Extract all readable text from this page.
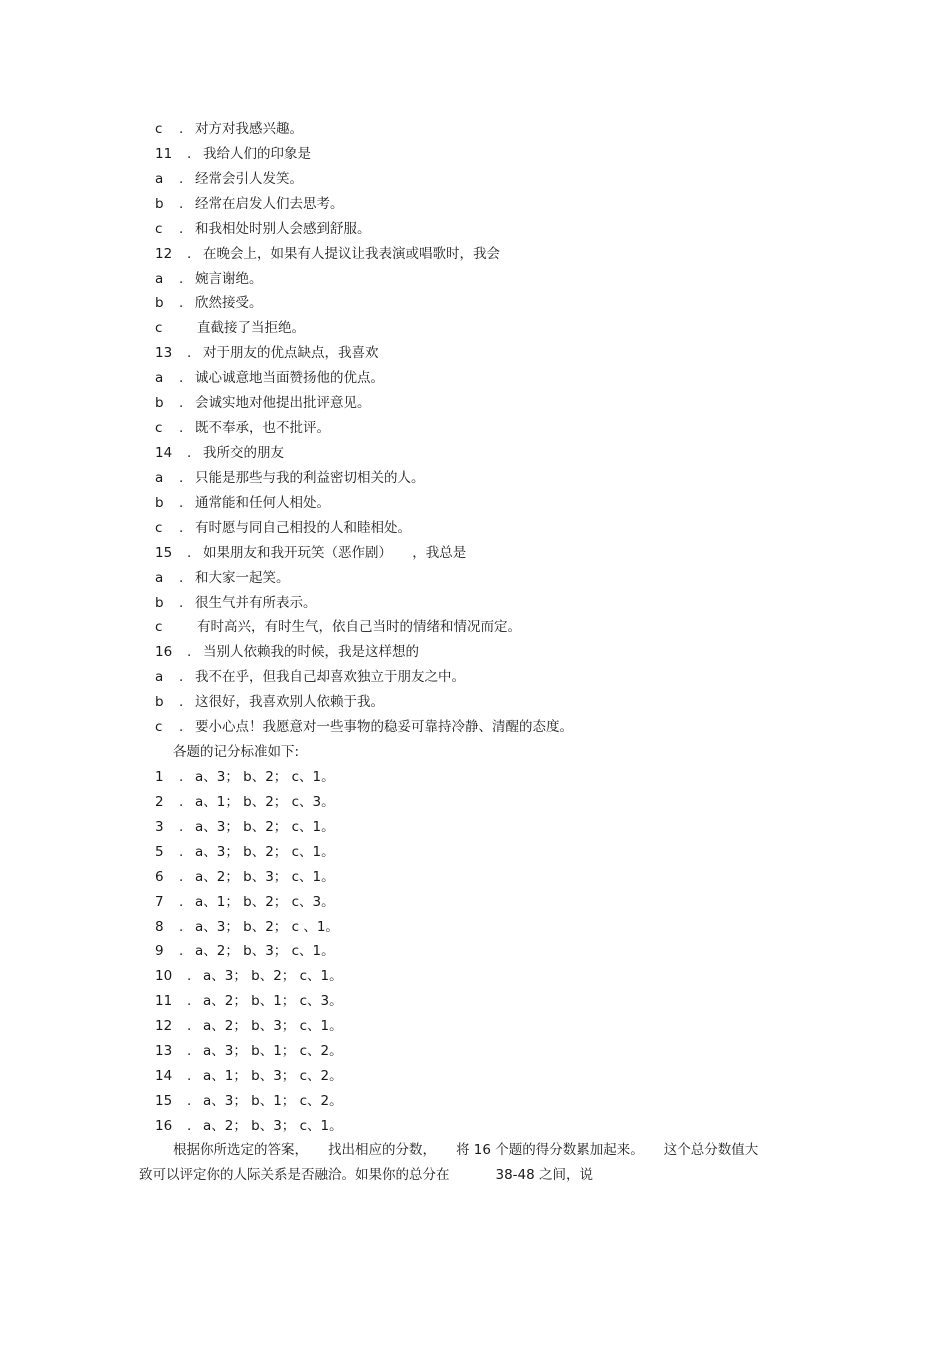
c	. 对方对我感兴趣。
11	. 我给人们的印象是
a	. 经常会引人发笑。
b	. 经常在启发人们去思考。
c	. 和我相处时别人会感到舒服。
12	. 在晚会上，如果有人提议让我表演或唱歌时，我会
a	. 婉言谢绝。
b	. 欣然接受。
c	直截接了当拒绝。
13	. 对于朋友的优点缺点，我喜欢
a	. 诚心诚意地当面赞扬他的优点。
b	. 会诚实地对他提出批评意见。
c	. 既不奉承，也不批评。
14	. 我所交的朋友
a	. 只能是那些与我的利益密切相关的人。
b	. 通常能和任何人相处。
c	. 有时愿与同自己相投的人和睦相处。
15	. 如果朋友和我开玩笑（恶作剧）　　，我总是
a	. 和大家一起笑。
b	. 很生气并有所表示。
c	有时高兴，有时生气，依自己当时的情绪和情况而定。
16	. 当别人依赖我的时候，我是这样想的
a	. 我不在乎，但我自己却喜欢独立于朋友之中。
b	. 这很好，我喜欢别人依赖于我。
c	. 要小心点！我愿意对一些事物的稳妥可靠持冷静、清醒的态度。
各题的记分标准如下:
1	. a、3； b、2； c、1。
2	. a、1； b、2； c、3。
3	. a、3； b、2； c、1。
5	. a、3； b、2； c、1。
6	. a、2； b、3； c、1。
7	. a、1； b、2； c、3。
8	. a、3； b、2； c 、1。
9	. a、2； b、3； c、1。
10	. a、3； b、2； c、1。
11	. a、2； b、1； c、3。
12	. a、2； b、3； c、1。
13	. a、3； b、1； c、2。
14	. a、1； b、3； c、2。
15	. a、3； b、1； c、2。
16	. a、2； b、3； c、1。
根据你所选定的答案， 找出相应的分数， 将 16 个题的得分数累加起来。 这个总分数值大
致可以评定你的人际关系是否融洽。如果你的总分在	38-48 之间，说
